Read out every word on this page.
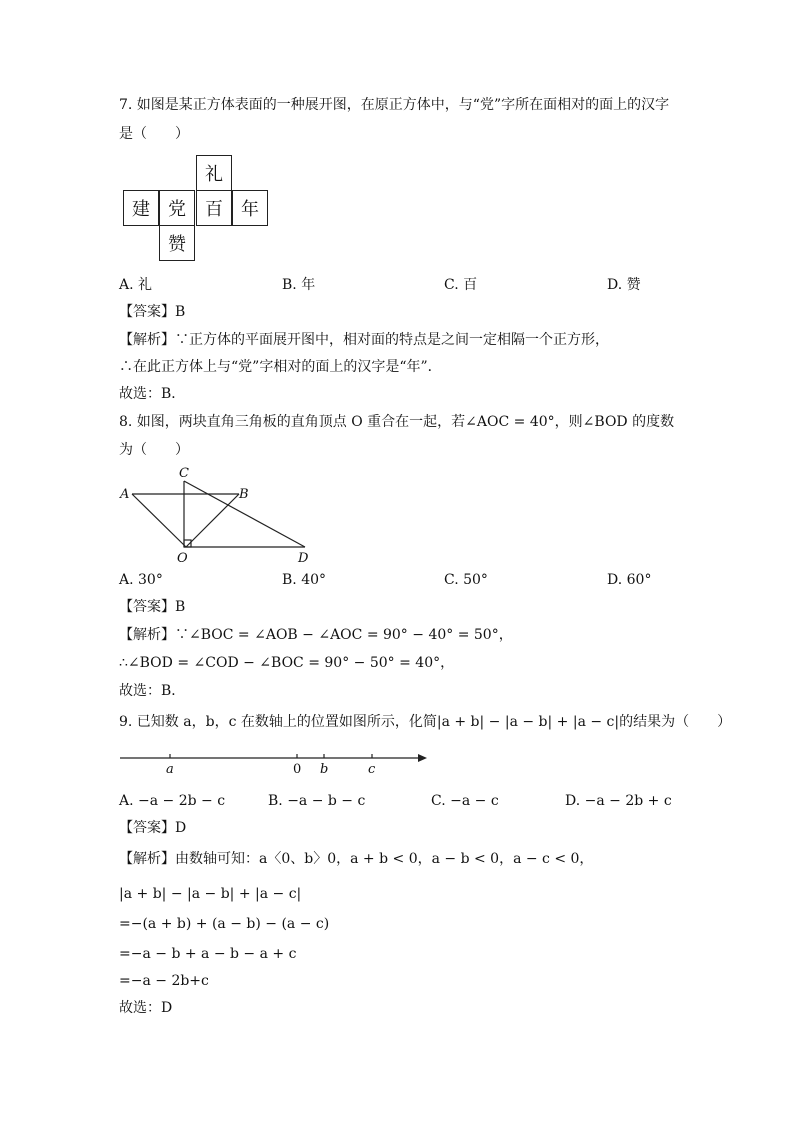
7. 如图是某正方体表面的一种展开图，在原正方体中，与“党”字所在面相对的面上的汉字
是（　　）
礼
建	党	百	年
赞
A. 礼	B. 年	C. 百	D. 赞
【答案】B
【解析】∵正方体的平面展开图中，相对面的特点是之间一定相隔一个正方形，
∴在此正方体上与“党”字相对的面上的汉字是“年”．
故选：B．
8. 如图，两块直角三角板的直角顶点 O 重合在一起，若∠AOC = 40°，则∠BOD 的度数
为（　　）
A	B
C
O	D
A. 30°	B. 40°	C. 50°	D. 60°
【答案】B
【解析】∵∠BOC = ∠AOB − ∠AOC = 90° − 40° = 50°，
∴∠BOD = ∠COD − ∠BOC = 90° − 50° = 40°，
故选：B．
9. 已知数 a，b，c 在数轴上的位置如图所示，化简|a + b| − |a − b| + |a − c|的结果为（　　）
a	0 b	c
A. −a − 2b − c	B. −a − b − c	C. −a − c	D. −a − 2b + c
【答案】D
【解析】由数轴可知：a〈0、b〉0，a + b < 0，a − b < 0，a − c < 0，
|a + b| − |a − b| + |a − c|
=−(a + b) + (a − b) − (a − c)
=−a − b + a − b − a + c
=−a − 2b+c
故选：D
